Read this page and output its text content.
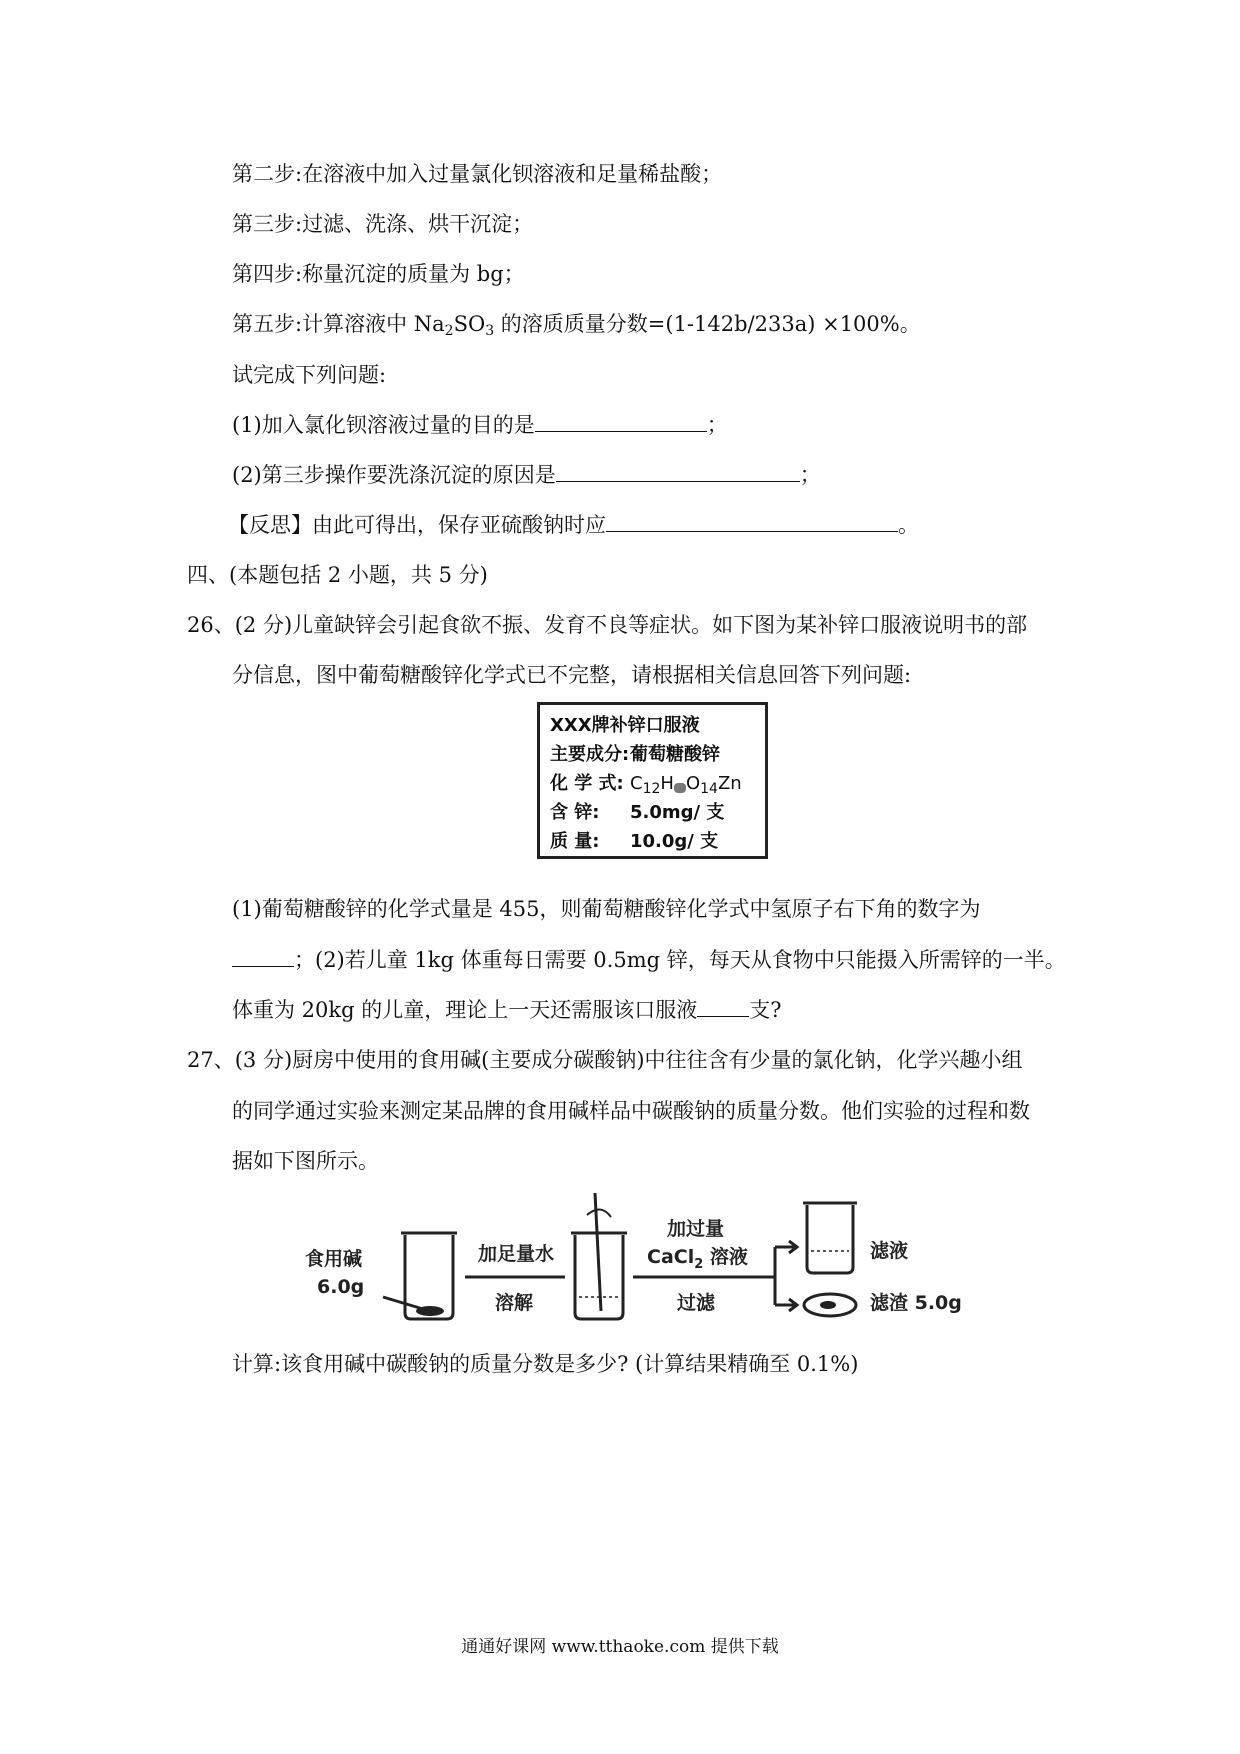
第二步:在溶液中加入过量氯化钡溶液和足量稀盐酸；
第三步:过滤、洗涤、烘干沉淀；
第四步:称量沉淀的质量为 bg；
第五步:计算溶液中 $Na_2SO_3$ 的溶质质量分数=(1-142b/233a) ×100%。
试完成下列问题:
(1)加入氯化钡溶液过量的目的是	；
(2)第三步操作要洗涤沉淀的原因是	；
【反思】由此可得出，保存亚硫酸钠时应	。
四、(本题包括 2 小题，共 5 分)
26、(2 分)儿童缺锌会引起食欲不振、发育不良等症状。如下图为某补锌口服液说明书的部
分信息，图中葡萄糖酸锌化学式已不完整，请根据相关信息回答下列问题:
XXX牌补锌口服液
主要成分:葡萄糖酸锌
化 学 式: $C_{12}H$ $O_{14}Zn$
含 锌: 5.0mg/ 支
质 量: 10.0g/ 支
(1)葡萄糖酸锌的化学式量是 455，则葡萄糖酸锌化学式中氢原子右下角的数字为
；(2)若儿童 1kg 体重每日需要 0.5mg 锌，每天从食物中只能摄入所需锌的一半。
体重为 20kg 的儿童，理论上一天还需服该口服液 支?
27、(3 分)厨房中使用的食用碱(主要成分碳酸钠)中往往含有少量的氯化钠，化学兴趣小组
的同学通过实验来测定某品牌的食用碱样品中碳酸钠的质量分数。他们实验的过程和数
据如下图所示。
食用碱
6.0g
加足量水
溶解
加过量
CaCl$_2$ 溶液
过滤
滤液
滤渣 5.0g
计算:该食用碱中碳酸钠的质量分数是多少? (计算结果精确至 0.1%)
通通好课网 www.tthaoke.com 提供下载
